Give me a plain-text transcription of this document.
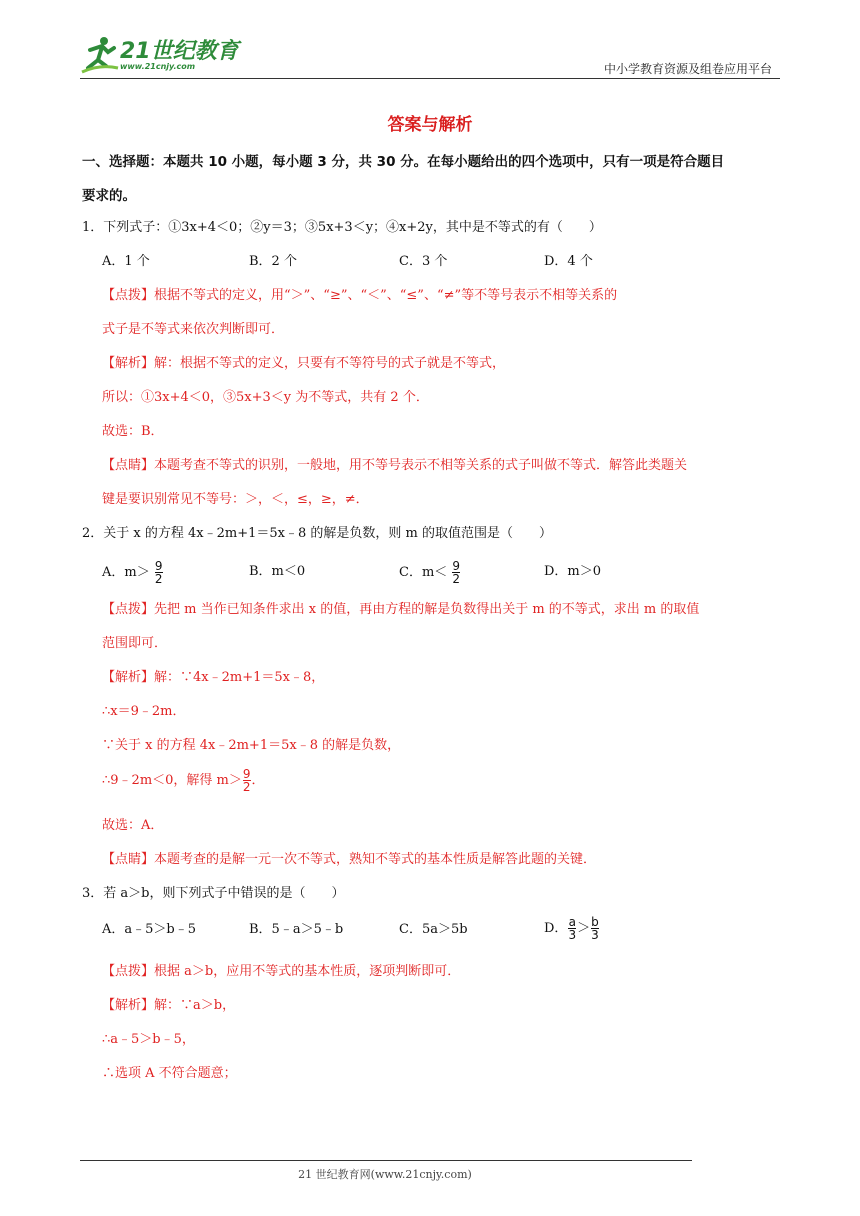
21世纪教育
www.21cnjy.com	中小学教育资源及组卷应用平台
答案与解析
一、选择题：本题共 10 小题，每小题 3 分，共 30 分。在每小题给出的四个选项中，只有一项是符合题目
要求的。
1．下列式子：①3x+4＜0；②y＝3；③5x+3＜y；④x+2y，其中是不等式的有（　　）
A．1 个	B．2 个	C．3 个	D．4 个
【点拨】根据不等式的定义，用“＞”、“≥”、“＜”、“≤”、“≠”等不等号表示不相等关系的
式子是不等式来依次判断即可．
【解析】解：根据不等式的定义，只要有不等符号的式子就是不等式，
所以：①3x+4＜0，③5x+3＜y 为不等式，共有 2 个．
故选：B．
【点睛】本题考查不等式的识别，一般地，用不等号表示不相等关系的式子叫做不等式．解答此类题关
键是要识别常见不等号：＞，＜，≤，≥，≠．
2．关于 x 的方程 4x﹣2m+1＝5x﹣8 的解是负数，则 m 的取值范围是（　　）
A．$m> \frac{9}{2}$	B．m＜0	C．$m< \frac{9}{2}$	D．m＞0
【点拨】先把 m 当作已知条件求出 x 的值，再由方程的解是负数得出关于 m 的不等式，求出 m 的取值
范围即可．
【解析】解：∵4x﹣2m+1＝5x﹣8，
∴x＝9﹣2m．
∵关于 x 的方程 4x﹣2m+1＝5x﹣8 的解是负数，
∴9﹣2m＜0，解得 $m> \frac{9}{2}$ ．
故选：A．
【点睛】本题考查的是解一元一次不等式，熟知不等式的基本性质是解答此题的关键．
3．若 a＞b，则下列式子中错误的是（　　）
A．a﹣5＞b﹣5	B．5﹣a＞5﹣b	C．5a＞5b	D． $\frac{a}{3} > \frac{b}{3}$
【点拨】根据 a＞b，应用不等式的基本性质，逐项判断即可．
【解析】解：∵a＞b，
∴a﹣5＞b﹣5，
∴选项 A 不符合题意；
21 世纪教育网(www.21cnjy.com)
